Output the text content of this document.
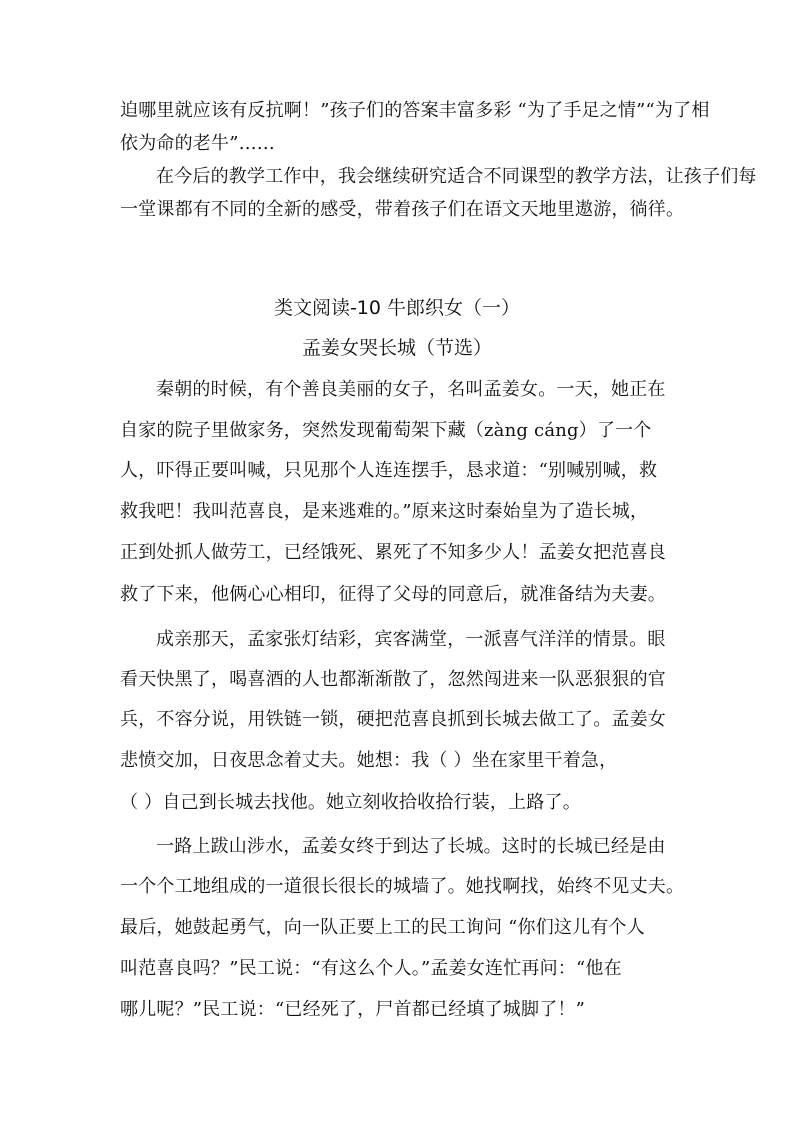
迫哪里就应该有反抗啊！”孩子们的答案丰富多彩 “为了手足之情”“为了相
依为命的老牛”……
在今后的教学工作中，我会继续研究适合不同课型的教学方法，让孩子们每
一堂课都有不同的全新的感受，带着孩子们在语文天地里遨游，徜徉。
类文阅读-10 牛郎织女（一）
孟姜女哭长城（节选）
秦朝的时候，有个善良美丽的女子，名叫孟姜女。一天，她正在
自家的院子里做家务，突然发现葡萄架下藏（zàng cáng）了一个
人，吓得正要叫喊，只见那个人连连摆手，恳求道：“别喊别喊，救
救我吧！我叫范喜良，是来逃难的。”原来这时秦始皇为了造长城，
正到处抓人做劳工，已经饿死、累死了不知多少人！孟姜女把范喜良
救了下来，他俩心心相印，征得了父母的同意后，就准备结为夫妻。
成亲那天，孟家张灯结彩，宾客满堂，一派喜气洋洋的情景。眼
看天快黑了，喝喜酒的人也都渐渐散了，忽然闯进来一队恶狠狠的官
兵，不容分说，用铁链一锁，硬把范喜良抓到长城去做工了。孟姜女
悲愤交加，日夜思念着丈夫。她想：我（ ）坐在家里干着急，
（ ）自己到长城去找他。她立刻收拾收拾行装，上路了。
一路上跋山涉水，孟姜女终于到达了长城。这时的长城已经是由
一个个工地组成的一道很长很长的城墙了。她找啊找，始终不见丈夫。
最后，她鼓起勇气，向一队正要上工的民工询问 “你们这儿有个人
叫范喜良吗？”民工说：“有这么个人。”孟姜女连忙再问：“他在
哪儿呢？”民工说：“已经死了，尸首都已经填了城脚了！”
